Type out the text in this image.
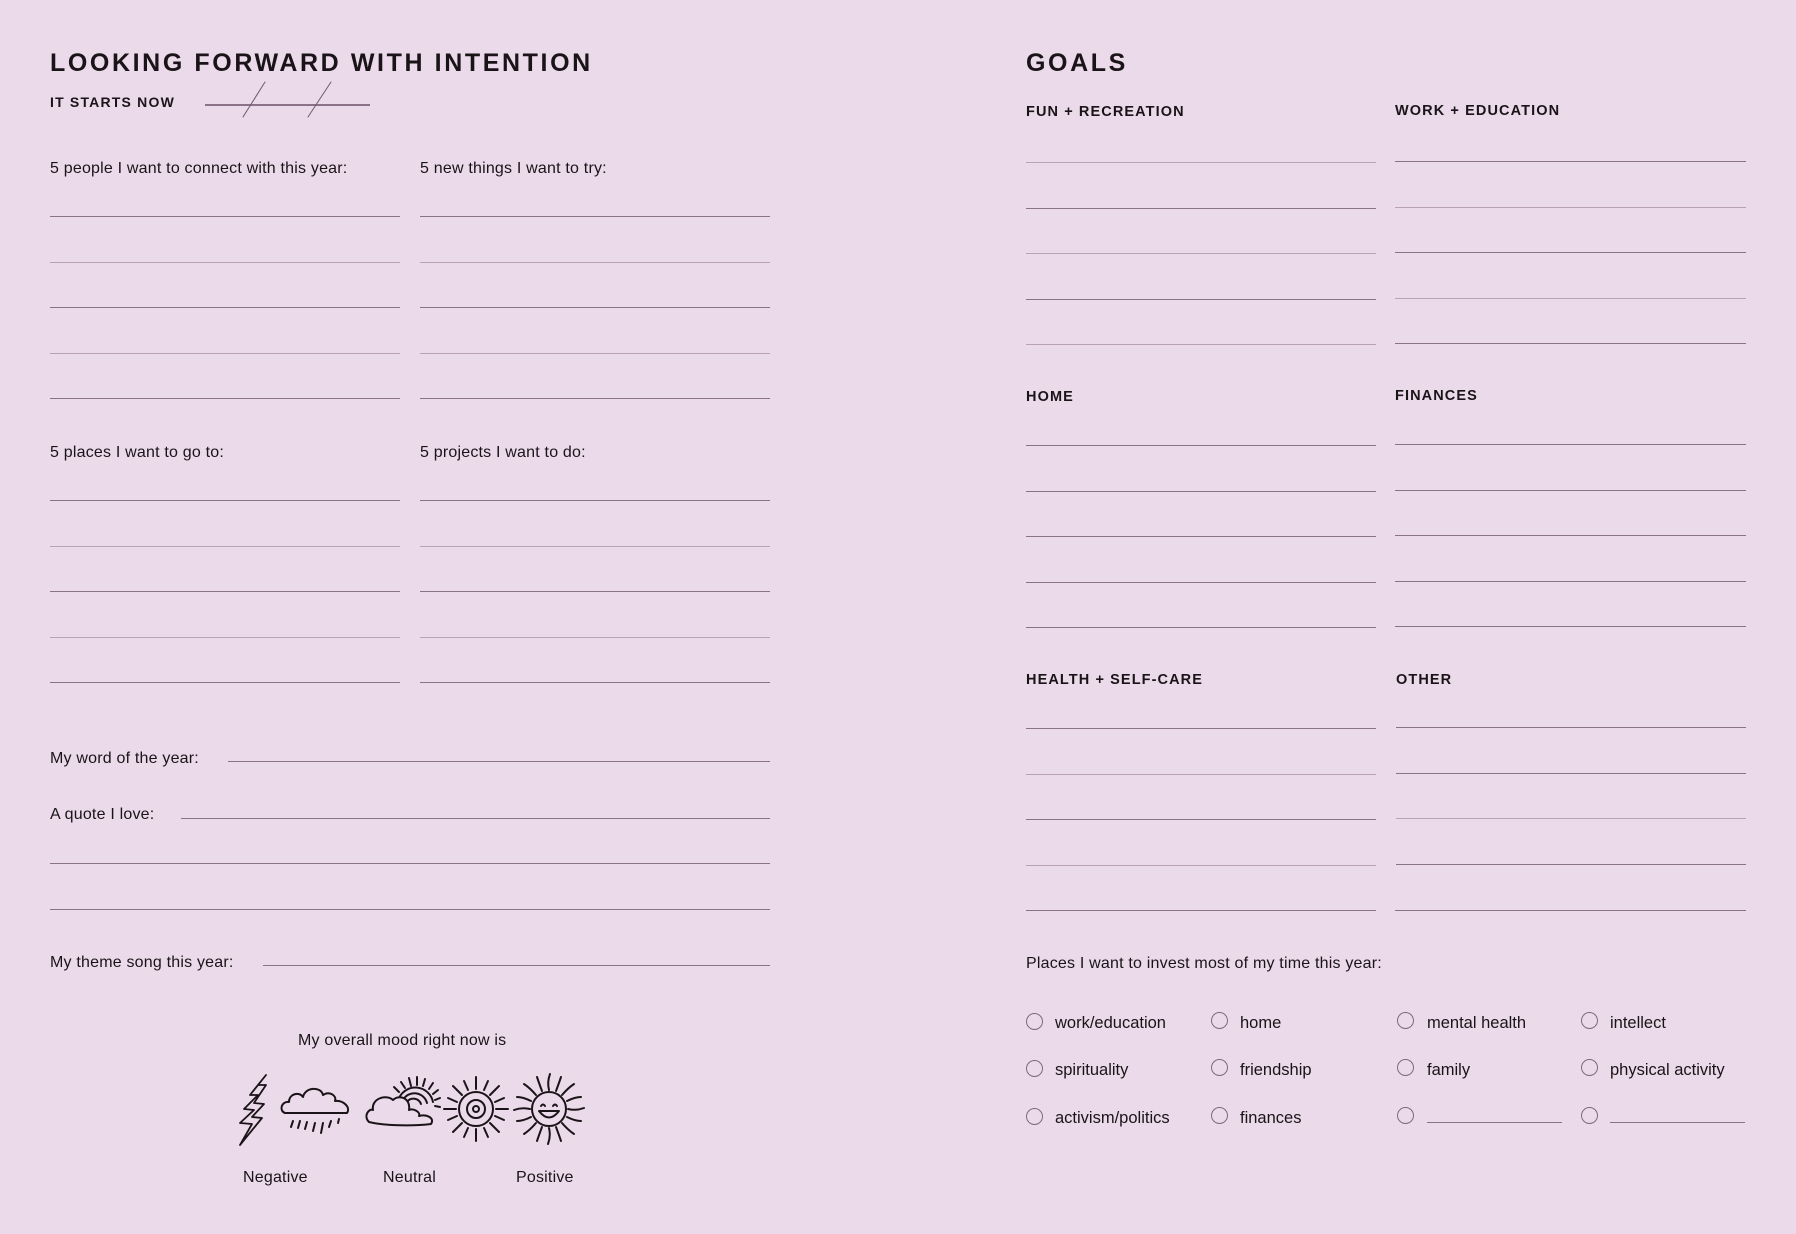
LOOKING FORWARD WITH INTENTION
IT STARTS NOW
5 people I want to connect with this year:	5 new things I want to try:
5 places I want to go to:	5 projects I want to do:
My word of the year:
A quote I love:
My theme song this year:
My overall mood right now is
Negative	Neutral	Positive
GOALS
FUN + RECREATION	WORK + EDUCATION
HOME	FINANCES
HEALTH + SELF-CARE	OTHER
Places I want to invest most of my time this year:
work/education	home	mental health	intellect
spirituality	friendship	family	physical activity
activism/politics	finances
